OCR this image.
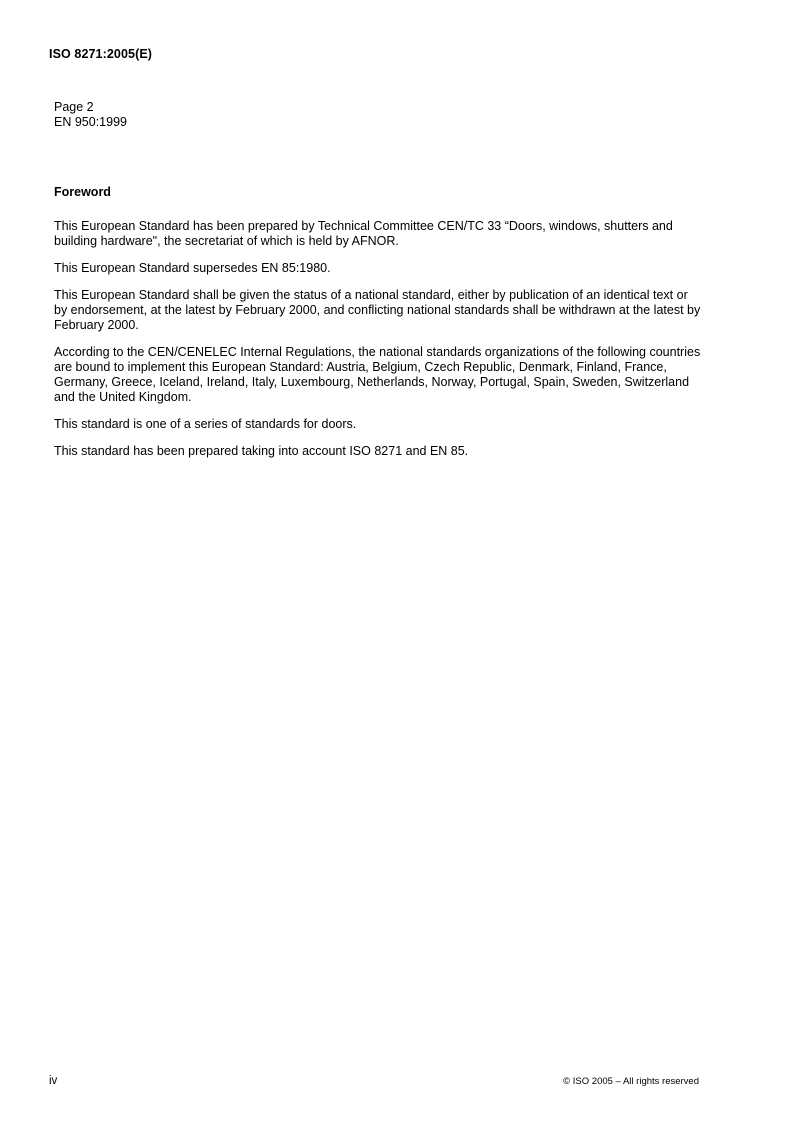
ISO 8271:2005(E)
Page 2
EN 950:1999
Foreword

This European Standard has been prepared by Technical Committee CEN/TC 33 “Doors, windows, shutters and building hardware", the secretariat of which is held by AFNOR.

This European Standard supersedes EN 85:1980.

This European Standard shall be given the status of a national standard, either by publication of an identical text or by endorsement, at the latest by February 2000, and conflicting national standards shall be withdrawn at the latest by February 2000.

According to the CEN/CENELEC Internal Regulations, the national standards organizations of the following countries are bound to implement this European Standard: Austria, Belgium, Czech Republic, Denmark, Finland, France, Germany, Greece, Iceland, Ireland, Italy, Luxembourg, Netherlands, Norway, Portugal, Spain, Sweden, Switzerland and the United Kingdom.

This standard is one of a series of standards for doors.

This standard has been prepared taking into account ISO 8271 and EN 85.

iv	© ISO 2005 – All rights reserved
